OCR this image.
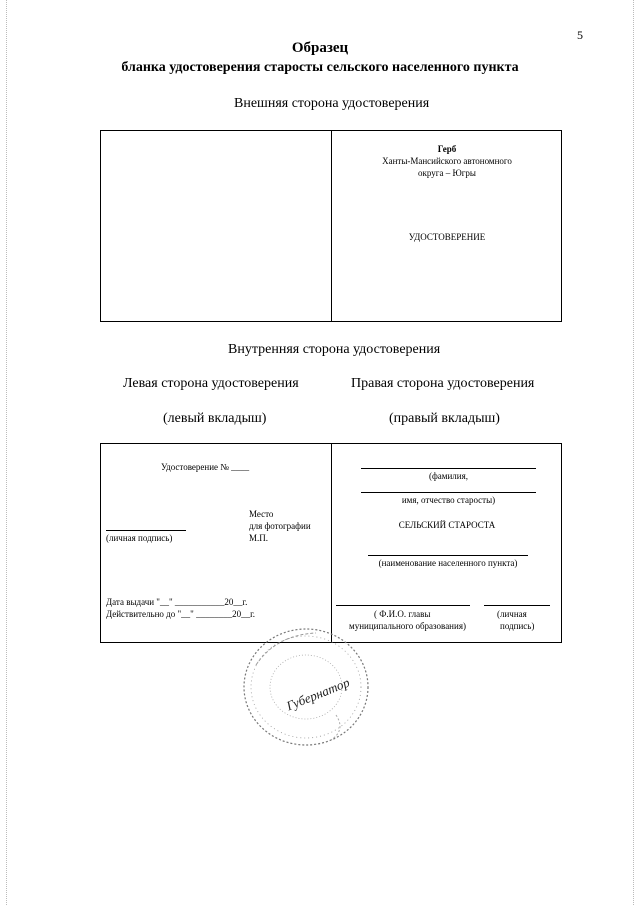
5
Образец
бланка удостоверения старосты сельского населенного пункта
Внешняя сторона удостоверения
Герб
Ханты-Мансийского автономного
округа – Югры
УДОСТОВЕРЕНИЕ
Внутренняя сторона удостоверения
Левая сторона удостоверения	Правая сторона удостоверения
(левый вкладыш)	(правый вкладыш)
Удостоверение № ____
Место
для фотографии
М.П.
(личная подпись)
Дата выдачи "__" ___________20__г.
Действительно до "__" ________20__г.
(фамилия,
имя, отчество старосты)
СЕЛЬСКИЙ СТАРОСТА
(наименование населенного пункта)
( Ф.И.О. главы
муниципального образования)
(личная
подпись)
Губернатор
